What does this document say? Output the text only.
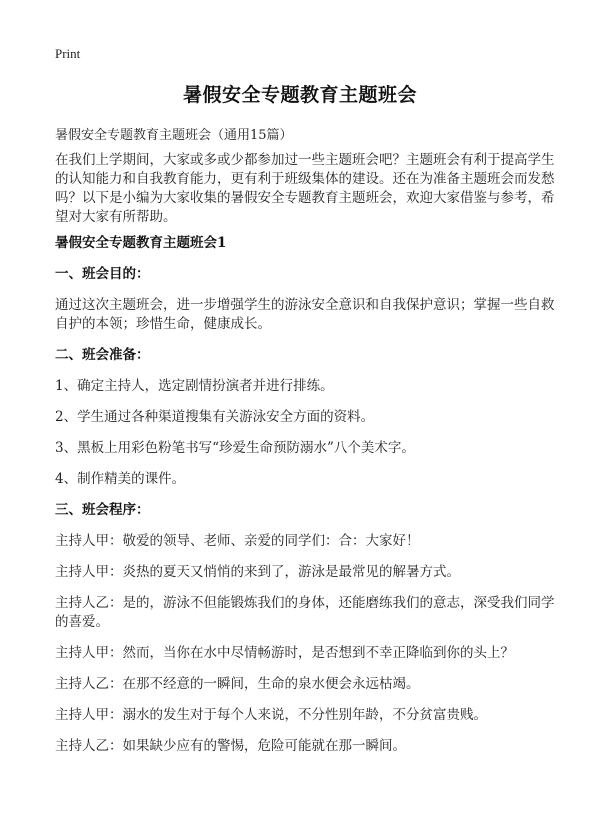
Print
暑假安全专题教育主题班会
暑假安全专题教育主题班会（通用15篇）
在我们上学期间，大家或多或少都参加过一些主题班会吧？主题班会有利于提高学生的认知能力和自我教育能力，更有利于班级集体的建设。还在为准备主题班会而发愁吗？以下是小编为大家收集的暑假安全专题教育主题班会，欢迎大家借鉴与参考，希望对大家有所帮助。
暑假安全专题教育主题班会1
一、班会目的：
通过这次主题班会，进一步增强学生的游泳安全意识和自我保护意识；掌握一些自救自护的本领；珍惜生命，健康成长。
二、班会准备：
1、确定主持人，选定剧情扮演者并进行排练。
2、学生通过各种渠道搜集有关游泳安全方面的资料。
3、黑板上用彩色粉笔书写“珍爱生命预防溺水”八个美术字。
4、制作精美的课件。
三、班会程序：
主持人甲：敬爱的领导、老师、亲爱的同学们：合：大家好！
主持人甲：炎热的夏天又悄悄的来到了，游泳是最常见的解暑方式。
主持人乙：是的，游泳不但能锻炼我们的身体，还能磨练我们的意志，深受我们同学的喜爱。
主持人甲：然而，当你在水中尽情畅游时，是否想到不幸正降临到你的头上？
主持人乙：在那不经意的一瞬间，生命的泉水便会永远枯竭。
主持人甲：溺水的发生对于每个人来说，不分性别年龄，不分贫富贵贱。
主持人乙：如果缺少应有的警惕，危险可能就在那一瞬间。
